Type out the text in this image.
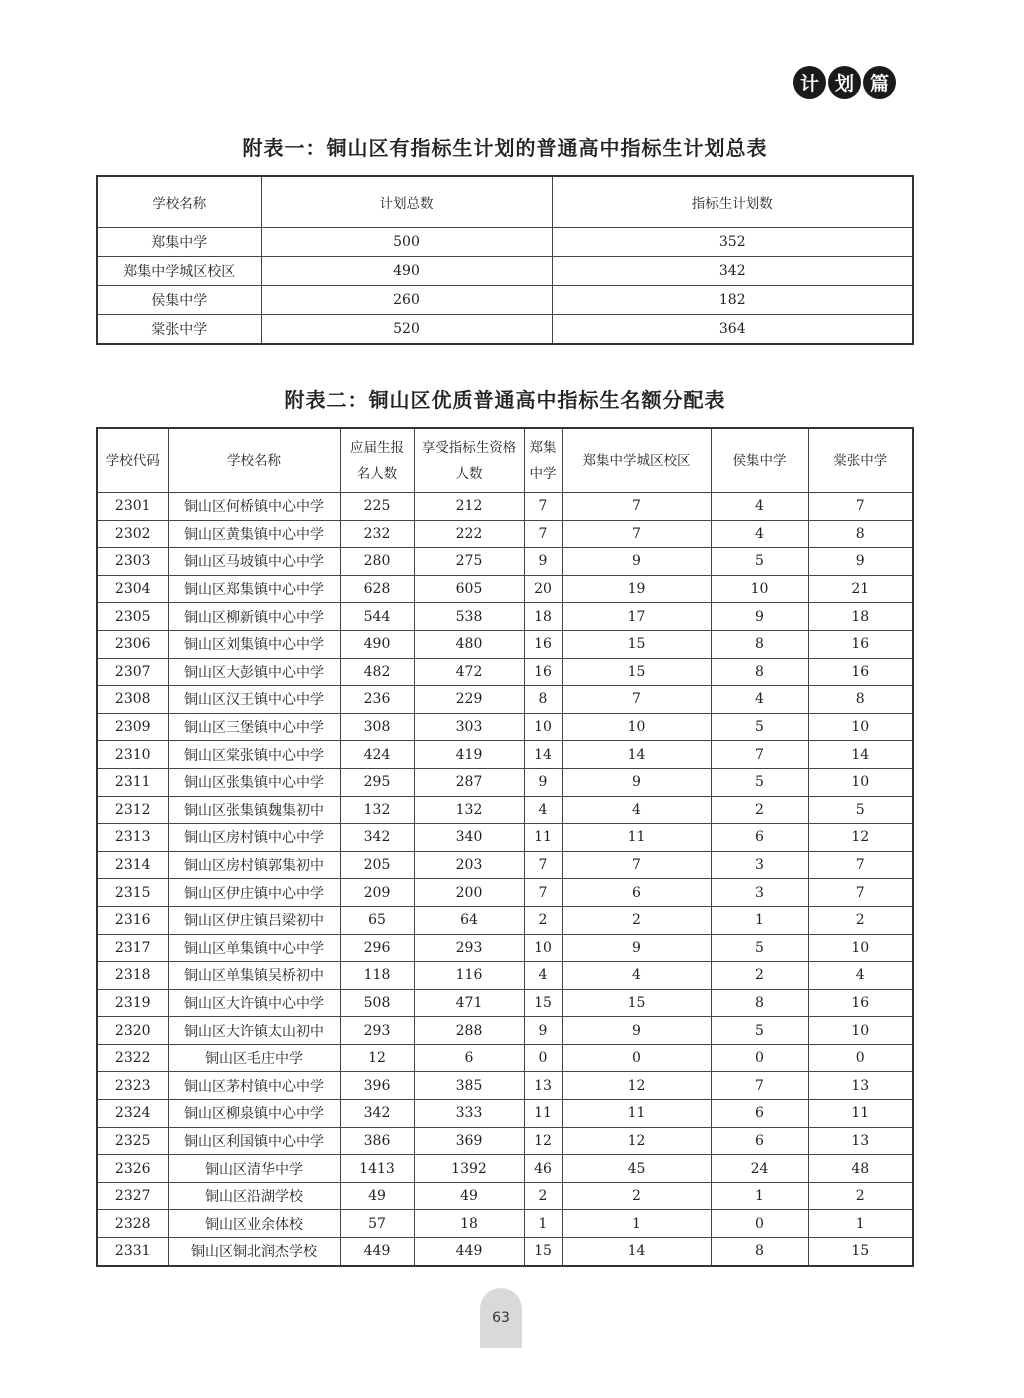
计 划 篇
附表一：铜山区有指标生计划的普通高中指标生计划总表
学校名称	计划总数	指标生计划数
郑集中学	500	352
郑集中学城区校区	490	342
侯集中学	260	182
棠张中学	520	364
附表二：铜山区优质普通高中指标生名额分配表
学校代码	学校名称	应届生报名人数	享受指标生资格人数	郑集中学	郑集中学城区校区	侯集中学	棠张中学
2301	铜山区何桥镇中心中学	225	212	7	7	4	7
2302	铜山区黄集镇中心中学	232	222	7	7	4	8
2303	铜山区马坡镇中心中学	280	275	9	9	5	9
2304	铜山区郑集镇中心中学	628	605	20	19	10	21
2305	铜山区柳新镇中心中学	544	538	18	17	9	18
2306	铜山区刘集镇中心中学	490	480	16	15	8	16
2307	铜山区大彭镇中心中学	482	472	16	15	8	16
2308	铜山区汉王镇中心中学	236	229	8	7	4	8
2309	铜山区三堡镇中心中学	308	303	10	10	5	10
2310	铜山区棠张镇中心中学	424	419	14	14	7	14
2311	铜山区张集镇中心中学	295	287	9	9	5	10
2312	铜山区张集镇魏集初中	132	132	4	4	2	5
2313	铜山区房村镇中心中学	342	340	11	11	6	12
2314	铜山区房村镇郭集初中	205	203	7	7	3	7
2315	铜山区伊庄镇中心中学	209	200	7	6	3	7
2316	铜山区伊庄镇吕梁初中	65	64	2	2	1	2
2317	铜山区单集镇中心中学	296	293	10	9	5	10
2318	铜山区单集镇吴桥初中	118	116	4	4	2	4
2319	铜山区大许镇中心中学	508	471	15	15	8	16
2320	铜山区大许镇太山初中	293	288	9	9	5	10
2322	铜山区毛庄中学	12	6	0	0	0	0
2323	铜山区茅村镇中心中学	396	385	13	12	7	13
2324	铜山区柳泉镇中心中学	342	333	11	11	6	11
2325	铜山区利国镇中心中学	386	369	12	12	6	13
2326	铜山区清华中学	1413	1392	46	45	24	48
2327	铜山区沿湖学校	49	49	2	2	1	2
2328	铜山区业余体校	57	18	1	1	0	1
2331	铜山区铜北润杰学校	449	449	15	14	8	15
63
